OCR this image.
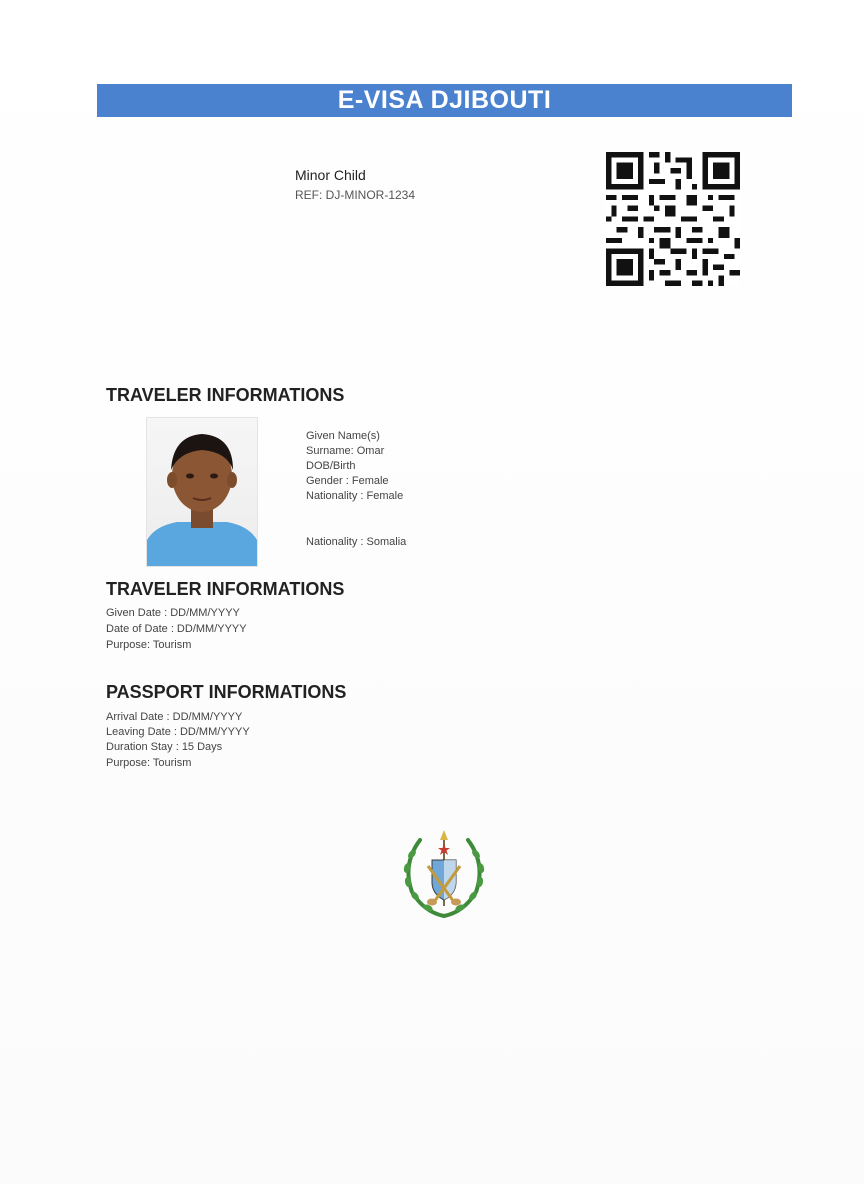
E-VISA DJIBOUTI
Minor Child
REF: DJ-MINOR-1234
TRAVELER INFORMATIONS
Given Name(s)
Surname: Omar
DOB/Birth
Gender : Female
Nationality : Female
Nationality : Somalia
TRAVELER INFORMATIONS
Given Date : DD/MM/YYYY
Date of Date : DD/MM/YYYY
Purpose: Tourism
PASSPORT INFORMATIONS
Arrival Date : DD/MM/YYYY
Leaving Date : DD/MM/YYYY
Duration Stay : 15 Days
Purpose: Tourism
